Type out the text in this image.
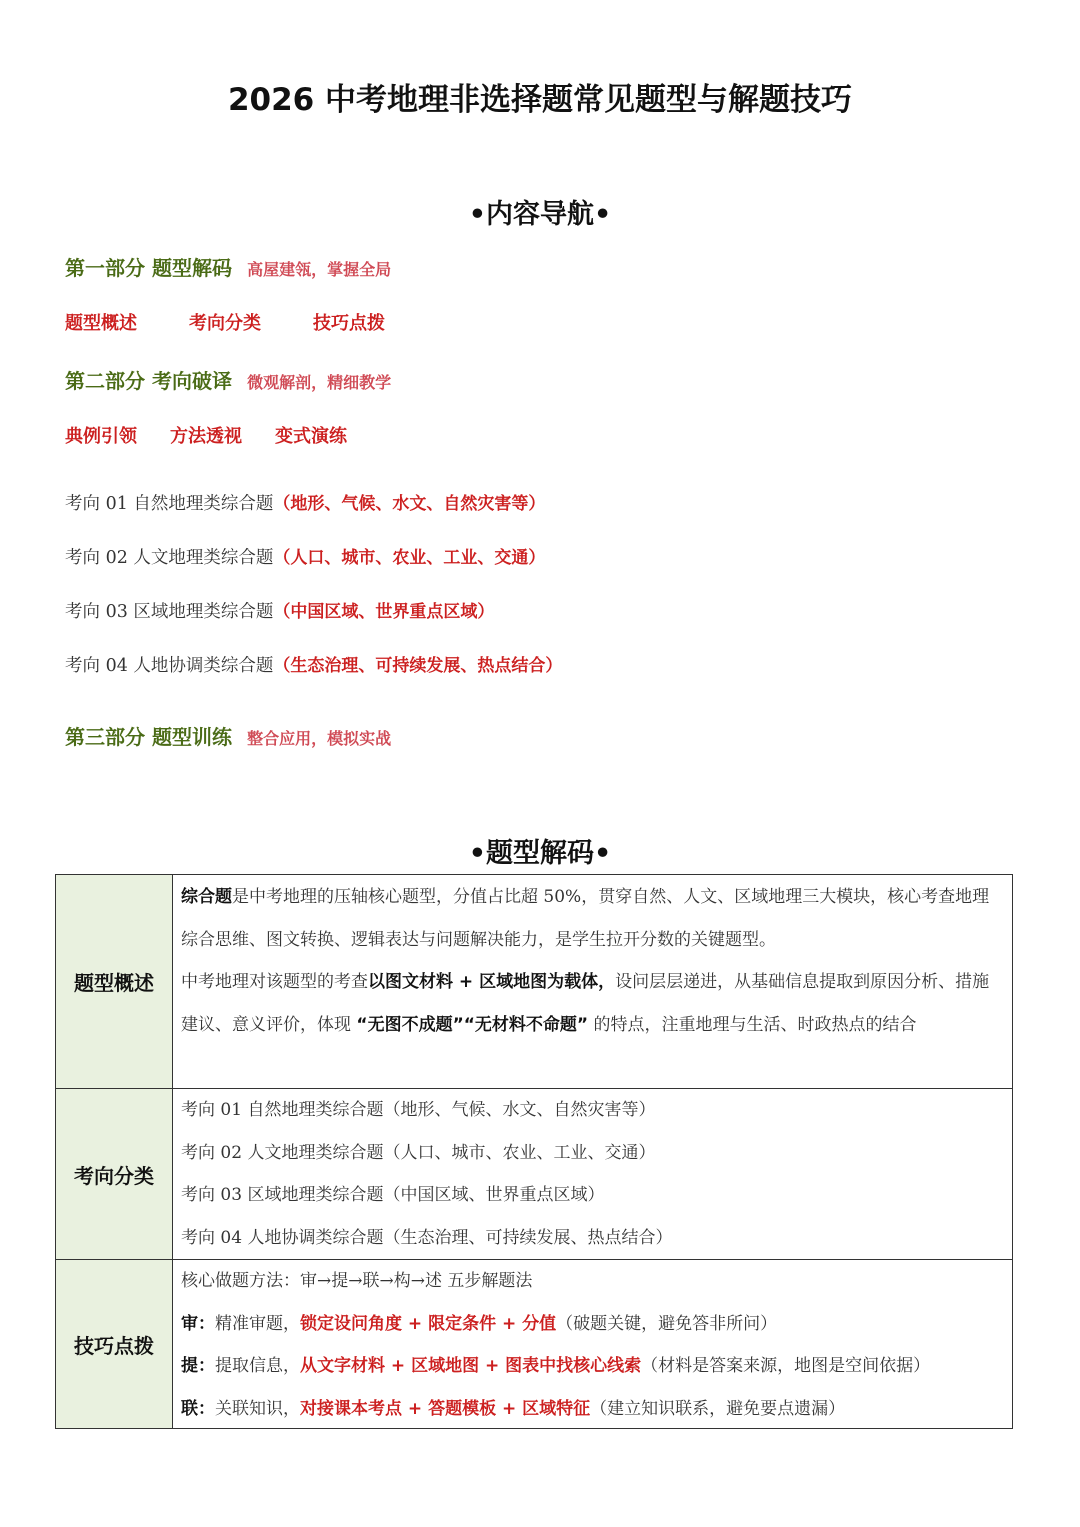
2026 中考地理非选择题常见题型与解题技巧
•内容导航•
第一部分 题型解码 高屋建瓴，掌握全局
题型概述	考向分类	技巧点拨
第二部分 考向破译 微观解剖，精细教学
典例引领 方法透视 变式演练
考向 01 自然地理类综合题（地形、气候、水文、自然灾害等）
考向 02 人文地理类综合题（人口、城市、农业、工业、交通）
考向 03 区域地理类综合题（中国区域、世界重点区域）
考向 04 人地协调类综合题（生态治理、可持续发展、热点结合）
第三部分 题型训练 整合应用，模拟实战
•题型解码•
题型概述

综合题是中考地理的压轴核心题型，分值占比超 50%，贯穿自然、人文、区域地理三大模块，核心考查地理综合思维、图文转换、逻辑表达与问题解决能力，是学生拉开分数的关键题型。

中考地理对该题型的考查以图文材料 + 区域地图为载体，设问层层递进，从基础信息提取到原因分析、措施建议、意义评价，体现 “无图不成题”“无材料不命题” 的特点，注重地理与生活、时政热点的结合

考向分类

考向 01 自然地理类综合题（地形、气候、水文、自然灾害等）

考向 02 人文地理类综合题（人口、城市、农业、工业、交通）

考向 03 区域地理类综合题（中国区域、世界重点区域）

考向 04 人地协调类综合题（生态治理、可持续发展、热点结合）

技巧点拨

核心做题方法：审→提→联→构→述 五步解题法

审：精准审题，锁定设问角度 + 限定条件 + 分值（破题关键，避免答非所问）

提：提取信息，从文字材料 + 区域地图 + 图表中找核心线索（材料是答案来源，地图是空间依据）

联：关联知识，对接课本考点 + 答题模板 + 区域特征（建立知识联系，避免要点遗漏）
